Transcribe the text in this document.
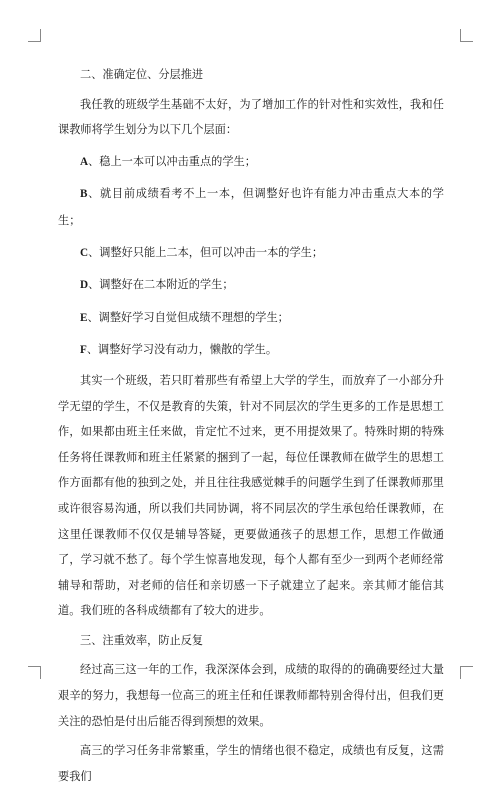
二、准确定位、分层推进

我任教的班级学生基础不太好，为了增加工作的针对性和实效性，我和任课教师将学生划分为以下几个层面：

A、稳上一本可以冲击重点的学生；

B、就目前成绩看考不上一本，但调整好也许有能力冲击重点大本的学生；

C、调整好只能上二本，但可以冲击一本的学生；

D、调整好在二本附近的学生；

E、调整好学习自觉但成绩不理想的学生；

F、调整好学习没有动力，懒散的学生。

其实一个班级，若只盯着那些有希望上大学的学生，而放弃了一小部分升学无望的学生，不仅是教育的失策，针对不同层次的学生更多的工作是思想工作，如果都由班主任来做，肯定忙不过来，更不用提效果了。特殊时期的特殊任务将任课教师和班主任紧紧的捆到了一起，每位任课教师在做学生的思想工作方面都有他的独到之处，并且往往我感觉棘手的问题学生到了任课教师那里或许很容易沟通，所以我们共同协调，将不同层次的学生承包给任课教师，在这里任课教师不仅仅是辅导答疑，更要做通孩子的思想工作，思想工作做通了，学习就不愁了。每个学生惊喜地发现，每个人都有至少一到两个老师经常辅导和帮助，对老师的信任和亲切感一下子就建立了起来。亲其师才能信其道。我们班的各科成绩都有了较大的进步。

三、注重效率，防止反复

经过高三这一年的工作，我深深体会到，成绩的取得的的确确要经过大量艰辛的努力，我想每一位高三的班主任和任课教师都特别舍得付出，但我们更关注的恐怕是付出后能否得到预想的效果。

高三的学习任务非常繁重，学生的情绪也很不稳定，成绩也有反复，这需要我们
